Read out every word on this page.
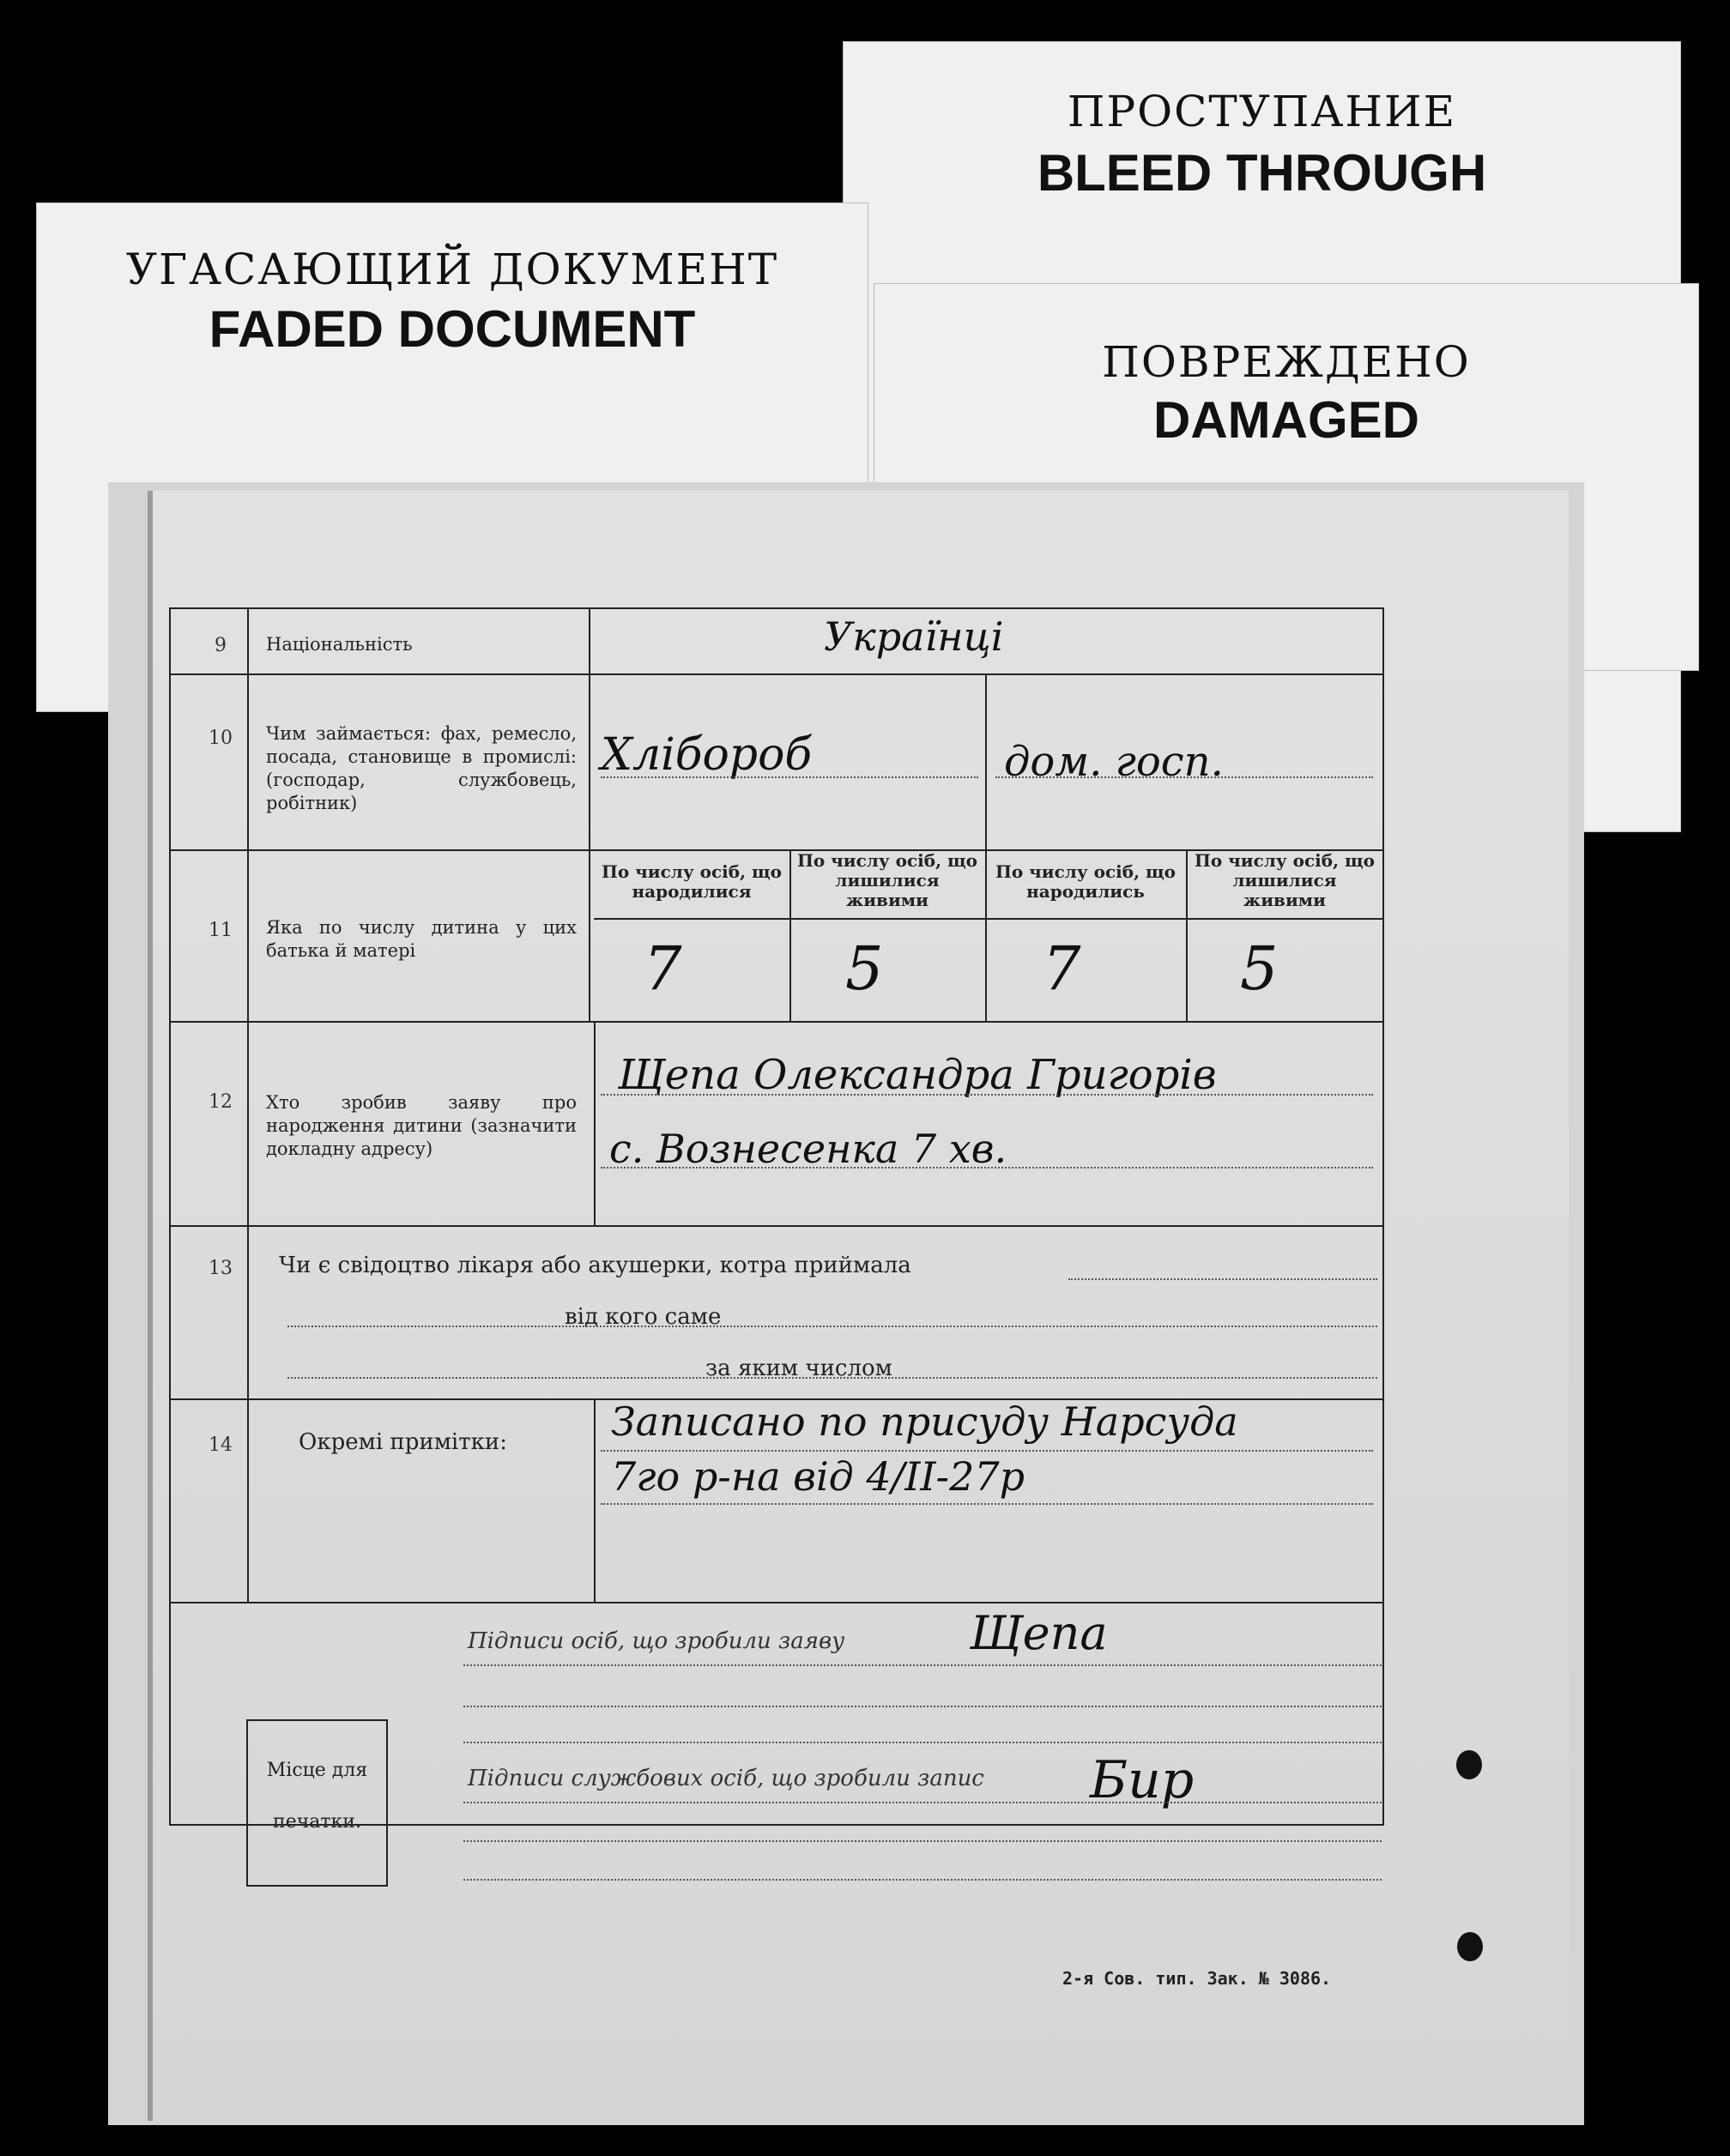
ПРОСТУПАНИЕ
BLEED THROUGH
УГАСАЮЩИЙ ДОКУМЕНТ
FADED DOCUMENT
ПОВРЕЖДЕНО
DAMAGED
9	Національність	Українці
10	Чим займається: фах, ремесло, посада, становище в промислі: (господар, службовець, робітник)
Хлібороб	дом. госп.
11	Яка по числу дитина у цих батька й матері
По числу осіб, що народилися
По числу осіб, що лишилися живими
По числу осіб, що народились
По числу осіб, що лишилися живими
7	5	7	5
12	Хто зробив заяву про народження дитини (зазначити докладну адресу)
Щепа Олександра Григорів
с. Вознесенка 7 хв.
13	Чи є свідоцтво лікаря або акушерки, котра приймала
від кого саме
за яким числом
14	Окремі примітки:	Записано по присуду Нарсуда
7го р-на від 4/II-27р
Підписи осіб, що зробили заяву	Щепа
Підписи службових осіб, що зробили запис Бир
Місце для
печатки.
2-я Сов. тип. Зак. № 3086.
